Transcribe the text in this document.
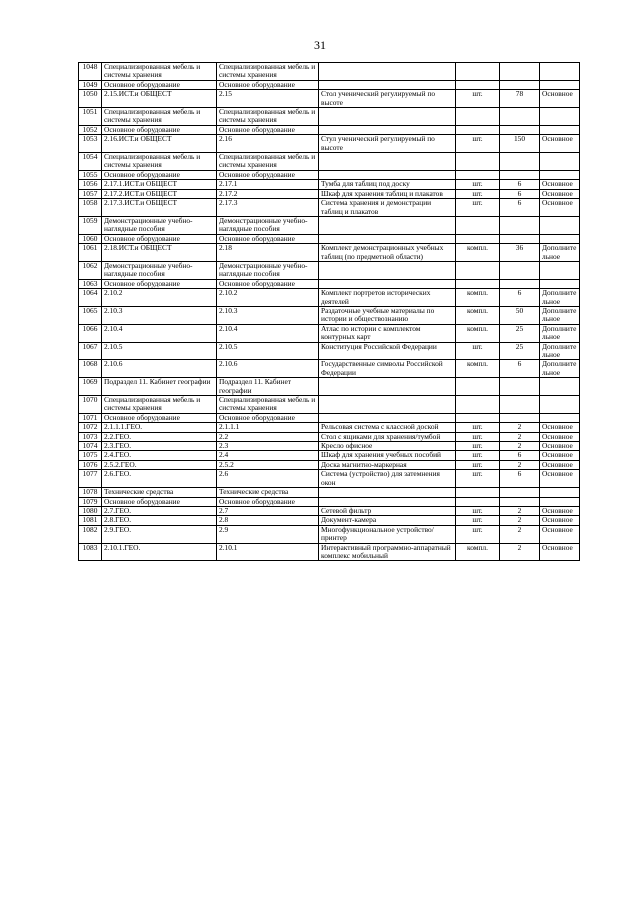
31
1048	Специализированная мебель и системы хранения	Специализированная мебель и системы хранения				
1049	Основное оборудование	Основное оборудование				
1050	2.15.ИСТ.и ОБЩЕСТ	2.15	Стол ученический регулируемый по высоте	шт.	78	Основное
1051	Специализированная мебель и системы хранения	Специализированная мебель и системы хранения				
1052	Основное оборудование	Основное оборудование				
1053	2.16.ИСТ.и ОБЩЕСТ	2.16	Стул ученический регулируемый по высоте	шт.	150	Основное
1054	Специализированная мебель и системы хранения	Специализированная мебель и системы хранения				
1055	Основное оборудование	Основное оборудование				
1056	2.17.1.ИСТ.и ОБЩЕСТ	2.17.1	Тумба для таблиц под доску	шт.	6	Основное
1057	2.17.2.ИСТ.и ОБЩЕСТ	2.17.2	Шкаф для хранения таблиц и плакатов	шт.	6	Основное
1058	2.17.3.ИСТ.и ОБЩЕСТ	2.17.3	Система хранения и демонстрации таблиц и плакатов	шт.	6	Основное
1059	Демонстрационные учебно-наглядные пособия	Демонстрационные учебно-наглядные пособия				
1060	Основное оборудование	Основное оборудование				
1061	2.18.ИСТ.и ОБЩЕСТ	2.18	Комплект демонстрационных учебных таблиц (по предметной области)	компл.	36	Дополнительное
1062	Демонстрационные учебно-наглядные пособия	Демонстрационные учебно-наглядные пособия				
1063	Основное оборудование	Основное оборудование				
1064	2.10.2	2.10.2	Комплект портретов исторических деятелей	компл.	6	Дополнительное
1065	2.10.3	2.10.3	Раздаточные учебные материалы по истории и обществознанию	компл.	50	Дополнительное
1066	2.10.4	2.10.4	Атлас по истории с комплектом контурных карт	компл.	25	Дополнительное
1067	2.10.5	2.10.5	Конституция Российской Федерации	шт.	25	Дополнительное
1068	2.10.6	2.10.6	Государственные символы Российской Федерации	компл.	6	Дополнительное
1069	Подраздел 11. Кабинет географии	Подраздел 11. Кабинет географии				
1070	Специализированная мебель и системы хранения	Специализированная мебель и системы хранения				
1071	Основное оборудование	Основное оборудование				
1072	2.1.1.1.ГЕО.	2.1.1.1	Рельсовая система с классной доской	шт.	2	Основное
1073	2.2.ГЕО.	2.2	Стол с ящиками для хранения/тумбой	шт.	2	Основное
1074	2.3.ГЕО.	2.3	Кресло офисное	шт.	2	Основное
1075	2.4.ГЕО.	2.4	Шкаф для хранения учебных пособий	шт.	6	Основное
1076	2.5.2.ГЕО.	2.5.2	Доска магнитно-маркерная	шт.	2	Основное
1077	2.6.ГЕО.	2.6	Система (устройство) для затемнения окон	шт.	6	Основное
1078	Технические средства	Технические средства				
1079	Основное оборудование	Основное оборудование				
1080	2.7.ГЕО.	2.7	Сетевой фильтр	шт.	2	Основное
1081	2.8.ГЕО.	2.8	Документ-камера	шт.	2	Основное
1082	2.9.ГЕО.	2.9	Многофункциональное устройство/принтер	шт.	2	Основное
1083	2.10.1.ГЕО.	2.10.1	Интерактивный программно-аппаратный комплекс мобильный	компл.	2	Основное
